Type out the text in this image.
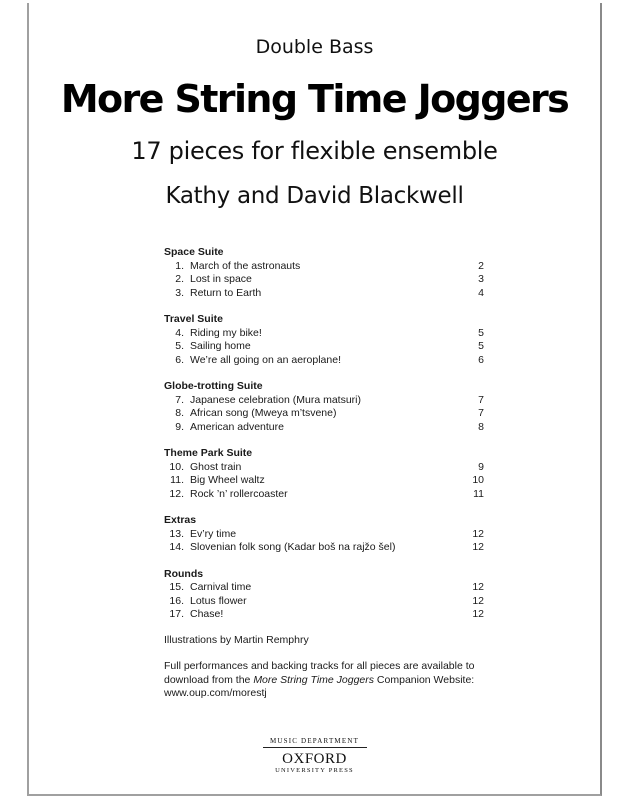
Double Bass
More String Time Joggers
17 pieces for flexible ensemble
Kathy and David Blackwell
Space Suite
1. March of the astronauts	2
2. Lost in space	3
3. Return to Earth	4
Travel Suite
4. Riding my bike!	5
5. Sailing home	5
6. We’re all going on an aeroplane!	6
Globe-trotting Suite
7. Japanese celebration (Mura matsuri)	7
8. African song (Mweya m’tsvene)	7
9. American adventure	8
Theme Park Suite
10. Ghost train	9
11. Big Wheel waltz	10
12. Rock ’n’ rollercoaster	11
Extras
13. Ev’ry time	12
14. Slovenian folk song (Kadar boš na rajžo šel)	12
Rounds
15. Carnival time	12
16. Lotus flower	12
17. Chase!	12
Illustrations by Martin Remphry
Full performances and backing tracks for all pieces are available to download from the More String Time Joggers Companion Website:
www.oup.com/morestj
MUSIC DEPARTMENT
OXFORD
UNIVERSITY PRESS
